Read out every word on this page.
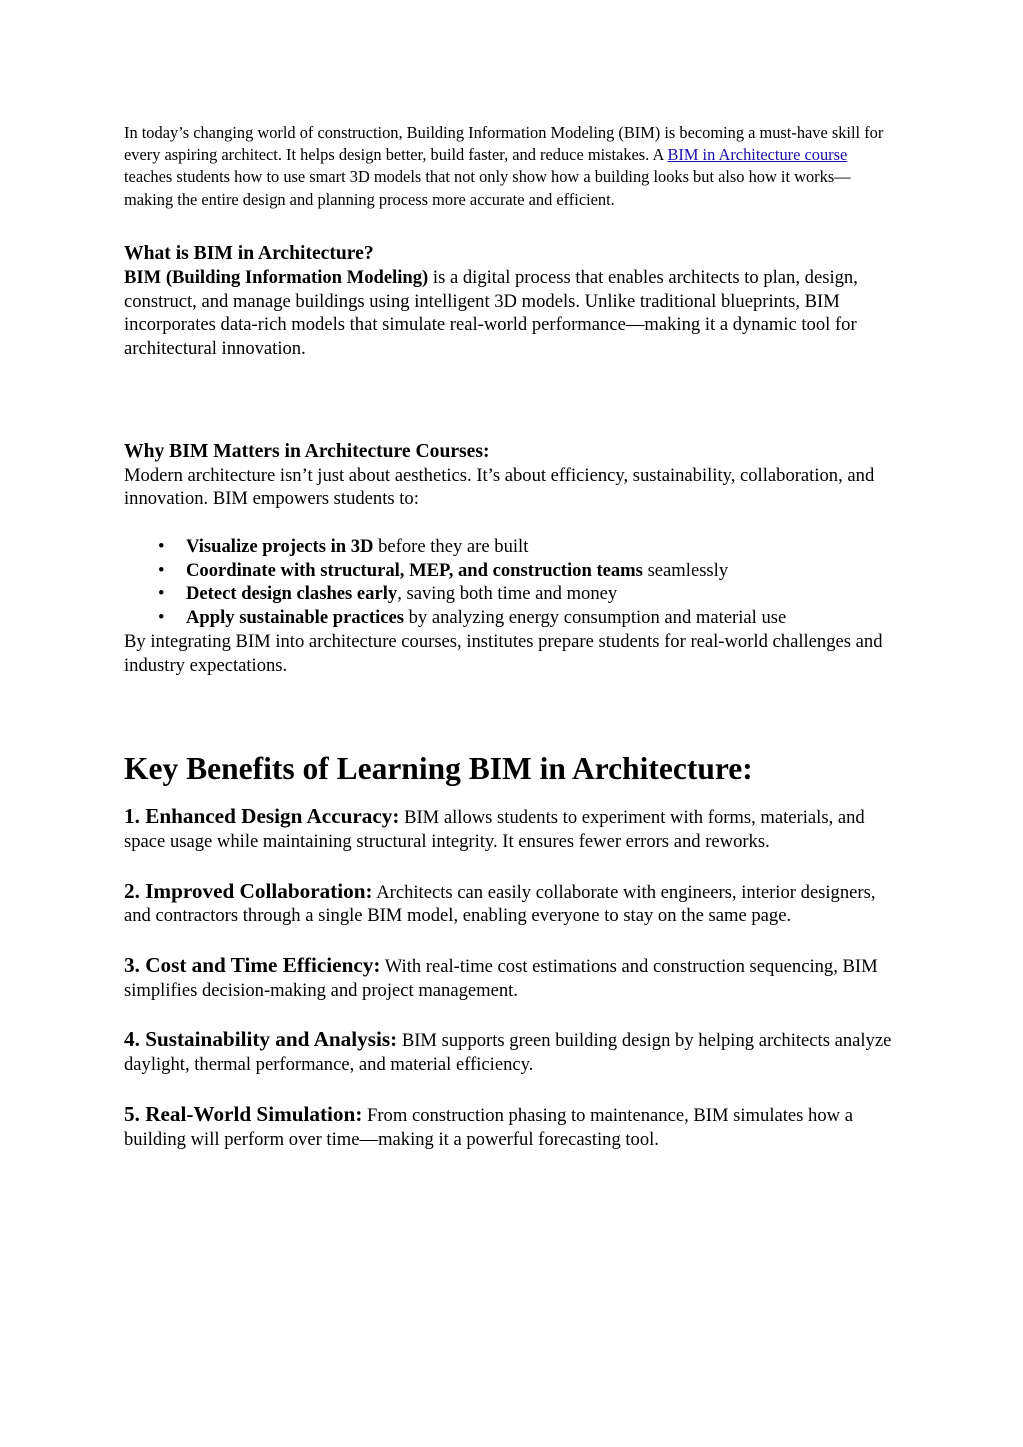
In today’s changing world of construction, Building Information Modeling (BIM) is becoming a must-have skill for every aspiring architect. It helps design better, build faster, and reduce mistakes. A BIM in Architecture course teaches students how to use smart 3D models that not only show how a building looks but also how it works—making the entire design and planning process more accurate and efficient.

What is BIM in Architecture?

BIM (Building Information Modeling) is a digital process that enables architects to plan, design, construct, and manage buildings using intelligent 3D models. Unlike traditional blueprints, BIM incorporates data-rich models that simulate real-world performance—making it a dynamic tool for architectural innovation.

Why BIM Matters in Architecture Courses:

Modern architecture isn’t just about aesthetics. It’s about efficiency, sustainability, collaboration, and innovation. BIM empowers students to:

• Visualize projects in 3D before they are built
• Coordinate with structural, MEP, and construction teams seamlessly
• Detect design clashes early, saving both time and money
• Apply sustainable practices by analyzing energy consumption and material use

By integrating BIM into architecture courses, institutes prepare students for real-world challenges and industry expectations.

Key Benefits of Learning BIM in Architecture:

1. Enhanced Design Accuracy: BIM allows students to experiment with forms, materials, and space usage while maintaining structural integrity. It ensures fewer errors and reworks.

2. Improved Collaboration: Architects can easily collaborate with engineers, interior designers, and contractors through a single BIM model, enabling everyone to stay on the same page.

3. Cost and Time Efficiency: With real-time cost estimations and construction sequencing, BIM simplifies decision-making and project management.

4. Sustainability and Analysis: BIM supports green building design by helping architects analyze daylight, thermal performance, and material efficiency.

5. Real-World Simulation: From construction phasing to maintenance, BIM simulates how a building will perform over time—making it a powerful forecasting tool.
